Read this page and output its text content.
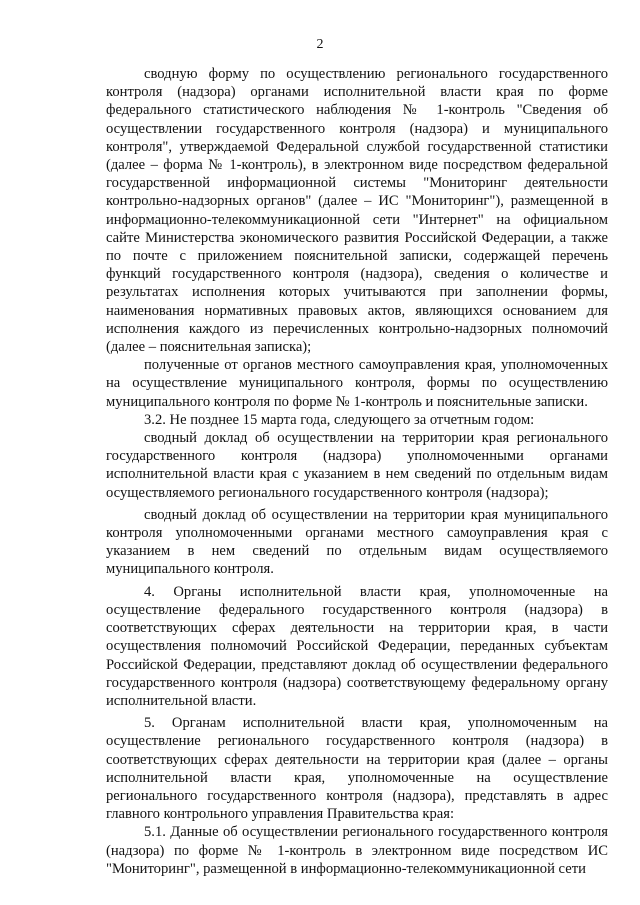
2

сводную форму по осуществлению регионального государственного контроля (надзора) органами исполнительной власти края по форме федерального статистического наблюдения № 1-контроль "Сведения об осуществлении государственного контроля (надзора) и муниципального контроля", утверждаемой Федеральной службой государственной статистики (далее – форма № 1-контроль), в электронном виде посредством федеральной государственной информационной системы "Мониторинг деятельности контрольно-надзорных органов" (далее – ИС "Мониторинг"), размещенной в информационно-телекоммуникационной сети "Интернет" на официальном сайте Министерства экономического развития Российской Федерации, а также по почте с приложением пояснительной записки, содержащей перечень функций государственного контроля (надзора), сведения о количестве и результатах исполнения которых учитываются при заполнении формы, наименования нормативных правовых актов, являющихся основанием для исполнения каждого из перечисленных контрольно-надзорных полномочий (далее – пояснительная записка);

полученные от органов местного самоуправления края, уполномоченных на осуществление муниципального контроля, формы по осуществлению муниципального контроля по форме № 1-контроль и пояснительные записки.

3.2. Не позднее 15 марта года, следующего за отчетным годом:

сводный доклад об осуществлении на территории края регионального государственного контроля (надзора) уполномоченными органами исполнительной власти края с указанием в нем сведений по отдельным видам осуществляемого регионального государственного контроля (надзора);

сводный доклад об осуществлении на территории края муниципального контроля уполномоченными органами местного самоуправления края с указанием в нем сведений по отдельным видам осуществляемого муниципального контроля.

4. Органы исполнительной власти края, уполномоченные на осуществление федерального государственного контроля (надзора) в соответствующих сферах деятельности на территории края, в части осуществления полномочий Российской Федерации, переданных субъектам Российской Федерации, представляют доклад об осуществлении федерального государственного контроля (надзора) соответствующему федеральному органу исполнительной власти.

5. Органам исполнительной власти края, уполномоченным на осуществление регионального государственного контроля (надзора) в соответствующих сферах деятельности на территории края (далее – органы исполнительной власти края, уполномоченные на осуществление регионального государственного контроля (надзора), представлять в адрес главного контрольного управления Правительства края:

5.1. Данные об осуществлении регионального государственного контроля (надзора) по форме № 1-контроль в электронном виде посредством ИС "Мониторинг", размещенной в информационно-телекоммуникационной сети
